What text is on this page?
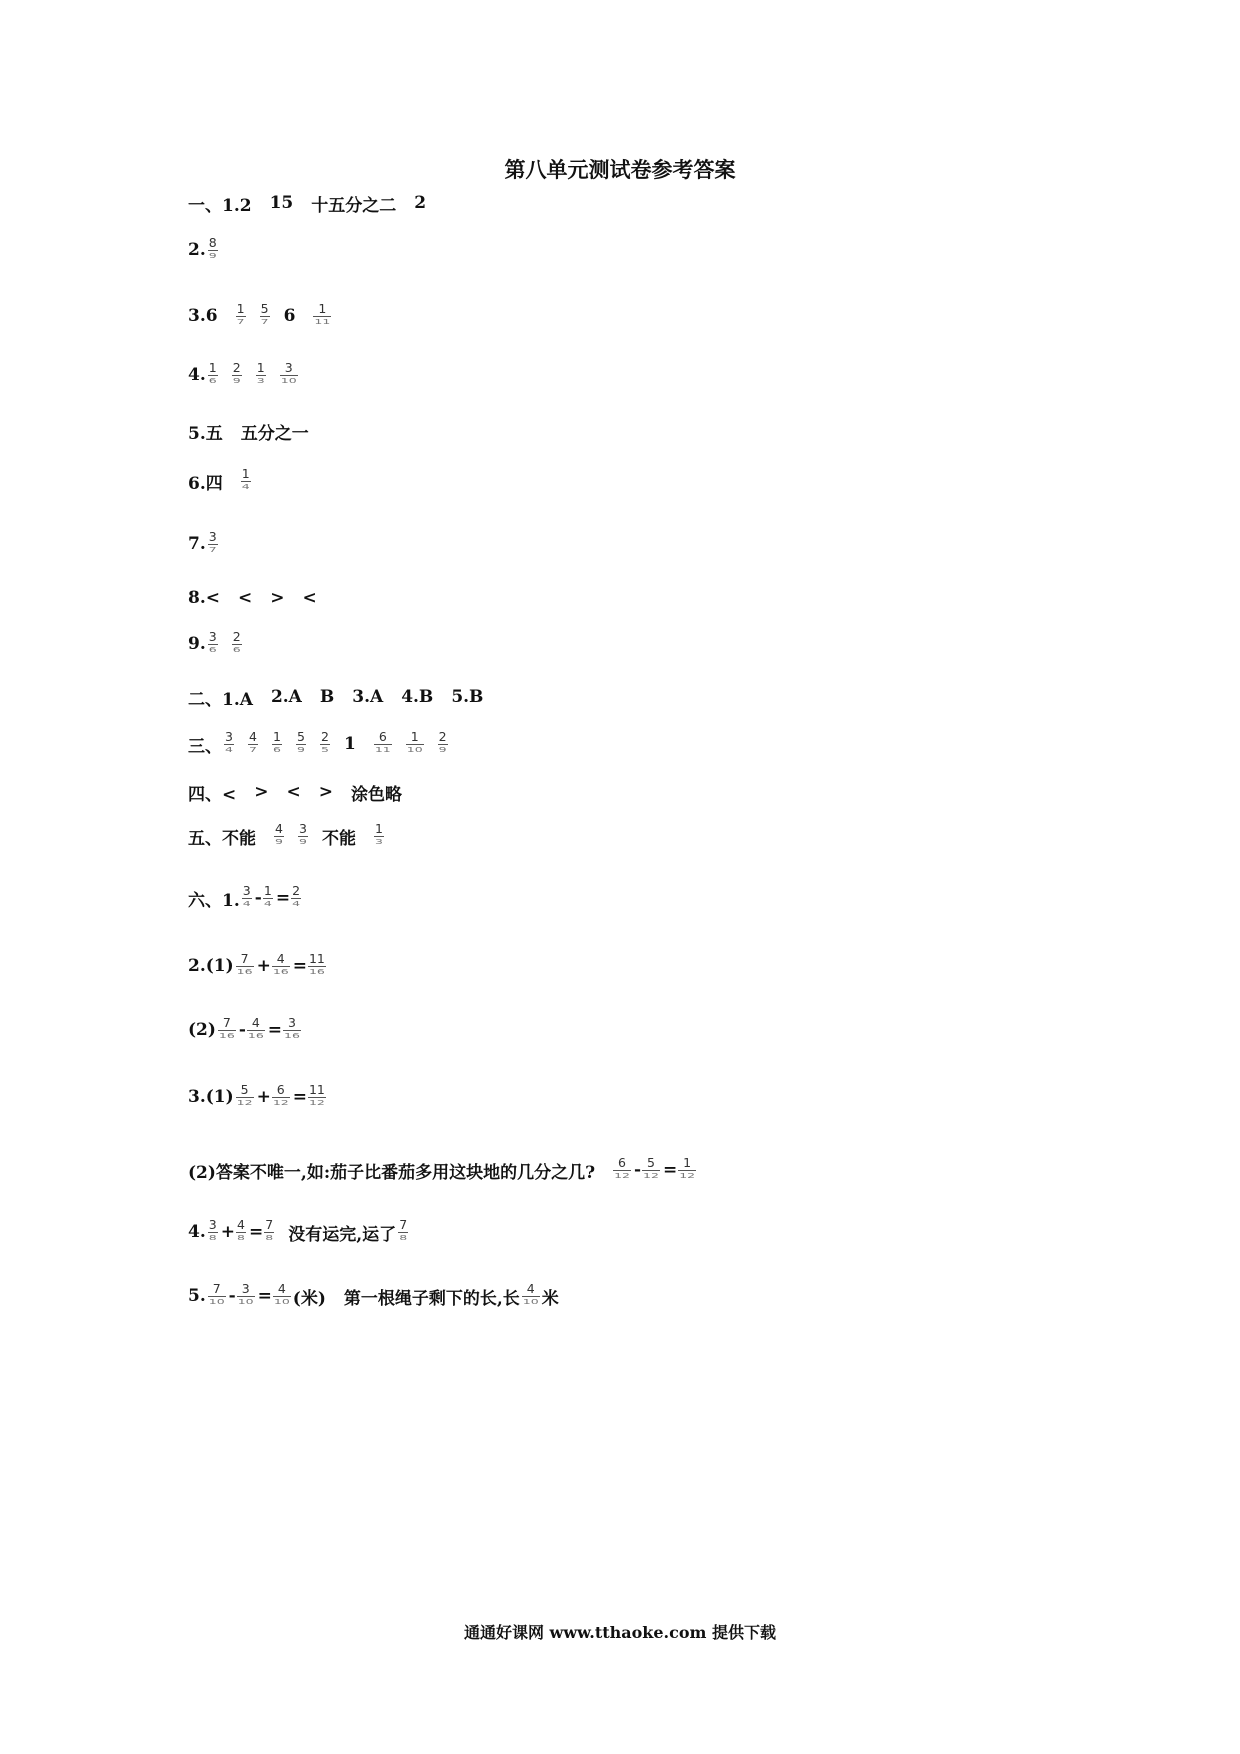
第八单元测试卷参考答案
一、1.2 15 十五分之二 2
2. $\frac{8}{9}$
$3.6 \frac{1}{7} \frac{5}{7} 6 \frac{1}{11}$
4. $\frac{1}{6} \frac{2}{9} \frac{1}{3} \frac{3}{10}$
5.五 五分之一
6.四 $\frac{1}{4}$
7. $\frac{3}{7}$
8.< < > <
9. $\frac{3}{6} \frac{2}{6}$
二、1.A 2.A B 3.A 4.B 5.B
三、 $\frac{3}{4} \frac{4}{7} \frac{1}{6} \frac{5}{9} \frac{2}{5} 1 \frac{6}{11} \frac{1}{10} \frac{2}{9}$
四、< > < > 涂色略
五、不能 $\frac{4}{9} \frac{3}{9}$ 不能 $\frac{1}{3}$
六、1. $\frac{3}{4} - \frac{1}{4} = \frac{2}{4}$
$2.(1) \frac{7}{16} + \frac{4}{16} = \frac{11}{16}$
$(2) \frac{7}{16} - \frac{4}{16} = \frac{3}{16}$
$3.(1) \frac{5}{12} + \frac{6}{12} = \frac{11}{12}$
(2)答案不唯一,如:茄子比番茄多用这块地的几分之几? $\frac{6}{12} - \frac{5}{12} = \frac{1}{12}$
4. $\frac{3}{8} + \frac{4}{8} = \frac{7}{8}$ 没有运完,运了 $\frac{7}{8}$
5. $\frac{7}{10} - \frac{3}{10} = \frac{4}{10}$ (米) 第一根绳子剩下的长,长 $\frac{4}{10}$ 米
通通好课网 www.tthaoke.com 提供下载
